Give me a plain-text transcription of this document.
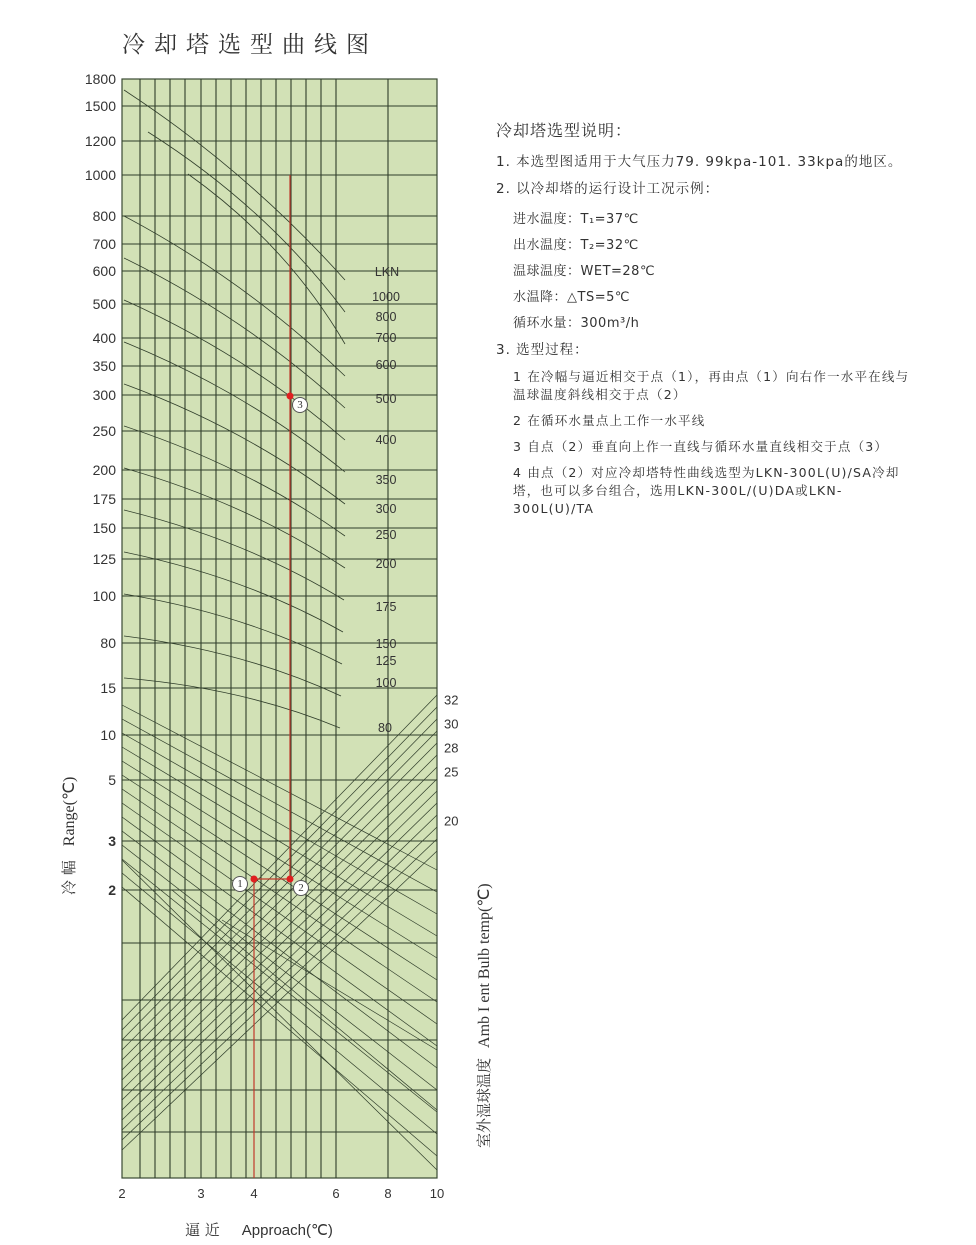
冷却塔选型曲线图
1	2
3
1800
1500
1200
1000
800
700
600
500
400
350
300
250
200
175
150
125
100
80
15
10
5
3
2
2	3	4	6	8	10
32
30
28
25
20
LKN
1000
800
700
600
500
400
350
300
250
200
175
150
125
100
80
逼 近 Approach(℃)
冷 幅Range(℃)
室外湿球温度Amb I ent Bulb temp(℃)
冷却塔选型说明：
1. 本选型图适用于大气压力79. 99kpa-101. 33kpa的地区。
2. 以冷却塔的运行设计工况示例：
进水温度：T₁=37℃
出水温度：T₂=32℃
温球温度：WET=28℃
水温降：△TS=5℃
循环水量：300m³/h
3. 选型过程：
1 在冷幅与逼近相交于点（1），再由点（1）向右作一水平在线与温球温度斜线相交于点（2）
2 在循环水量点上工作一水平线
3 自点（2）垂直向上作一直线与循环水量直线相交于点（3）
4 由点（2）对应冷却塔特性曲线选型为LKN-300L(U)/SA冷却塔，也可以多台组合，选用LKN-300L/(U)DA或LKN-300L(U)/TA
